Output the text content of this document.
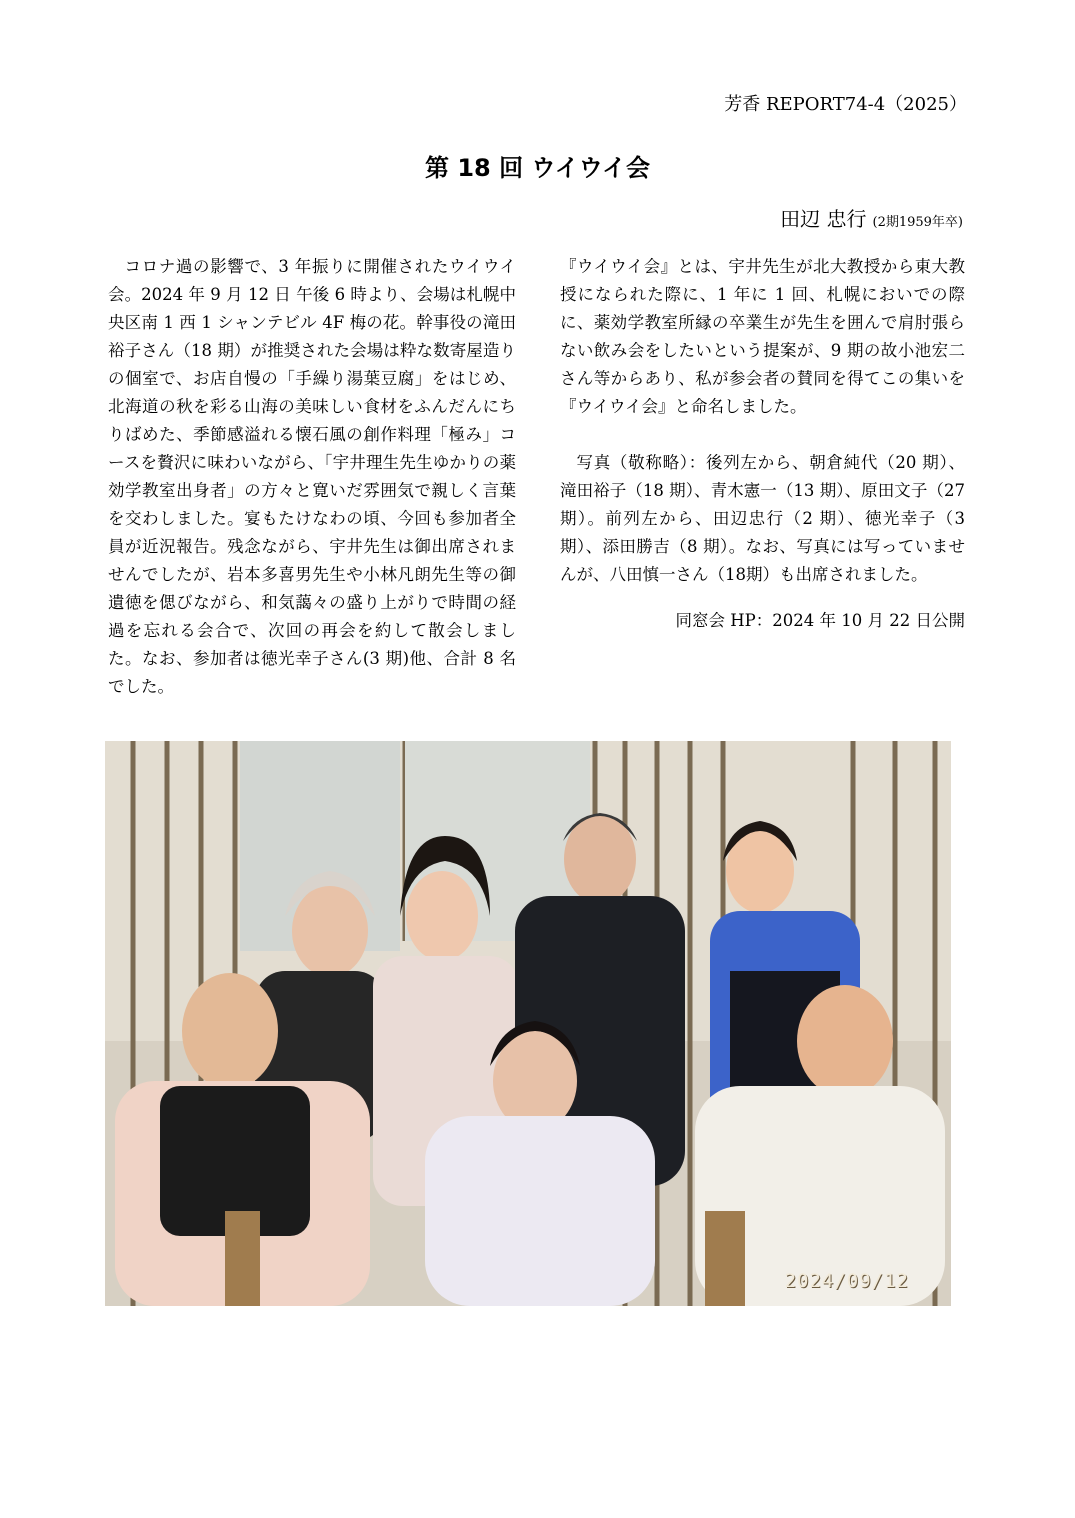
芳香 REPORT74-4（2025）
第 18 回 ウイウイ会
田辺 忠行 (2期1959年卒)

コロナ過の影響で、3 年振りに開催されたウイウイ会。2024 年 9 月 12 日 午後 6 時より、会場は札幌中央区南 1 西 1 シャンテビル 4F 梅の花。幹事役の滝田裕子さん（18 期）が推奨された会場は粋な数寄屋造りの個室で、お店自慢の「手繰り湯葉豆腐」をはじめ、北海道の秋を彩る山海の美味しい食材をふんだんにちりばめた、季節感溢れる懐石風の創作料理「極み」コースを贅沢に味わいながら、「宇井理生先生ゆかりの薬効学教室出身者」の方々と寛いだ雰囲気で親しく言葉を交わしました。宴もたけなわの頃、今回も参加者全員が近況報告。残念ながら、宇井先生は御出席されませんでしたが、岩本多喜男先生や小林凡朗先生等の御遺徳を偲びながら、和気藹々の盛り上がりで時間の経過を忘れる会合で、次回の再会を約して散会しました。なお、参加者は徳光幸子さん(3 期)他、合計 8 名でした。

『ウイウイ会』とは、宇井先生が北大教授から東大教授になられた際に、1 年に 1 回、札幌においでの際に、薬効学教室所縁の卒業生が先生を囲んで肩肘張らない飲み会をしたいという提案が、9 期の故小池宏二さん等からあり、私が参会者の賛同を得てこの集いを『ウイウイ会』と命名しました。

写真（敬称略）：後列左から、朝倉純代（20 期）、滝田裕子（18 期）、青木憲一（13 期）、原田文子（27 期）。前列左から、田辺忠行（2 期）、徳光幸子（3 期）、添田勝吉（8 期）。なお、写真には写っていませんが、八田慎一さん（18期）も出席されました。

同窓会 HP：2024 年 10 月 22 日公開

2024/09/12
